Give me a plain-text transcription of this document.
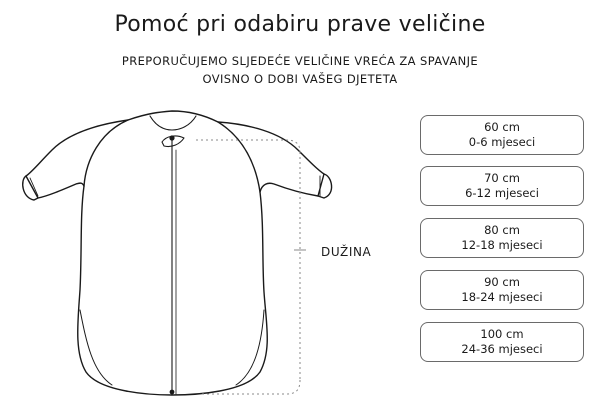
Pomoć pri odabiru prave veličine
PREPORUČUJEMO SLJEDEĆE VELIČINE VREĆA ZA SPAVANJE
OVISNO O DOBI VAŠEG DJETETA
DUŽINA
60 cm
0-6 mjeseci
70 cm
6-12 mjeseci
80 cm
12-18 mjeseci
90 cm
18-24 mjeseci
100 cm
24-36 mjeseci
